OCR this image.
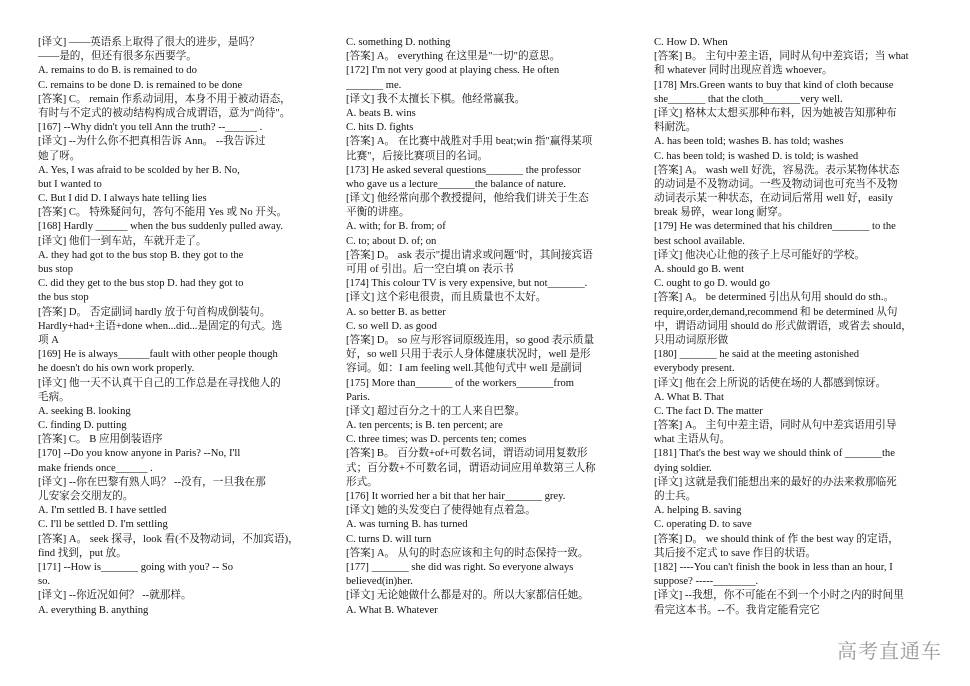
[译文] ——英语系上取得了很大的进步，是吗？
——是的，但还有很多东西要学。
A. remains to do B. is remained to do
C. remains to be done D. is remained to be done
[答案] C。 remain 作系动词用，本身不用于被动语态，
有时与不定式的被动结构构成合成谓语，意为"尚待"。
[167] --Why didn't you tell Ann the truth? --______ .
[译文] --为什么你不把真相告诉 Ann。 --我告诉过
她了呀。
A. Yes, I was afraid to be scolded by her B. No,
but I wanted to
C. But I did D. I always hate telling lies
[答案] C。 特殊疑问句，答句不能用 Yes 或 No 开头。
[168] Hardly ______ when the bus suddenly pulled away.
[译文] 他们一到车站，车就开走了。
A. they had got to the bus stop B. they got to the
bus stop
C. did they get to the bus stop D. had they got to
the bus stop
[答案] D。 否定副词 hardly 放于句首构成倒装句。
Hardly+had+主语+done when...did...是固定的句式。选
项 A
[169] He is always______fault with other people though
he doesn't do his own work properly.
[译文] 他一天不认真干自己的工作总是在寻找他人的
毛病。
A. seeking B. looking
C. finding D. putting
[答案] C。 B 应用倒装语序
[170] --Do you know anyone in Paris? --No, I'll
make friends once______ .
[译文] --你在巴黎有熟人吗？ --没有，一旦我在那
儿安家会交朋友的。
A. I'm settled B. I have settled
C. I'll be settled D. I'm settling
[答案] A。 seek 探寻，look 看(不及物动词，不加宾语)，
find 找到，put 放。
[171] --How is_______ going with you? -- So
so.
[译文] --你近况如何？ --就那样。
A. everything B. anything
C. something D. nothing
[答案] A。 everything 在这里是"一切"的意思。
[172] I'm not very good at playing chess. He often
_______ me.
[译文] 我不太擅长下棋。他经常赢我。
A. beats B. wins
C. hits D. fights
[答案] A。 在比赛中战胜对手用 beat;win 指"赢得某项
比赛"，后接比赛项目的名词。
[173] He asked several questions_______ the professor
who gave us a lecture_______the balance of nature.
[译文] 他经常向那个教授提问，他给我们讲关于生态
平衡的讲座。
A. with; for B. from; of
C. to; about D. of; on
[答案] D。 ask 表示"提出请求或问题"时，其间接宾语
可用 of 引出。后一空白填 on 表示书
[174] This colour TV is very expensive, but not_______.
[译文] 这个彩电很贵，而且质量也不太好。
A. so better B. as better
C. so well D. as good
[答案] D。 so 应与形容词原级连用，so good 表示质量
好，so well 只用于表示人身体健康状况时，well 是形
容词。如：I am feeling well.其他句式中 well 是副词
[175] More than_______ of the workers_______from
Paris.
[译文] 超过百分之十的工人来自巴黎。
A. ten percents; is B. ten percent; are
C. three times; was D. percents ten; comes
[答案] B。 百分数+of+可数名词，谓语动词用复数形
式；百分数+不可数名词，谓语动词应用单数第三人称
形式。
[176] It worried her a bit that her hair_______ grey.
[译文] 她的头发变白了使得她有点着急。
A. was turning B. has turned
C. turns D. will turn
[答案] A。 从句的时态应该和主句的时态保持一致。
[177] _______ she did was right. So everyone always
believed(in)her.
[译文] 无论她做什么都是对的。所以大家都信任她。
A. What B. Whatever
C. How D. When
[答案] B。 主句中差主语，同时从句中差宾语；当 what
和 whatever 同时出现应首选 whoever。
[178] Mrs.Green wants to buy that kind of cloth because
she_______ that the cloth_______very well.
[译文] 格林太太想买那种布料，因为她被告知那种布
料耐洗。
A. has been told; washes B. has told; washes
C. has been told; is washed D. is told; is washed
[答案] A。 wash well 好洗，容易洗。表示某物体状态
的动词是不及物动词。一些及物动词也可充当不及物
动词表示某一种状态，在动词后常用 well 好，easily
break 易碎，wear long 耐穿。
[179] He was determined that his children_______ to the
best school available.
[译文] 他决心让他的孩子上尽可能好的学校。
A. should go B. went
C. ought to go D. would go
[答案] A。 be determined 引出从句用 should do sth.。
require,order,demand,recommend 和 be determined 从句
中，谓语动词用 should do 形式做谓语，或省去 should，
只用动词原形做
[180] _______ he said at the meeting astonished
everybody present.
[译文] 他在会上所说的话使在场的人都感到惊讶。
A. What B. That
C. The fact D. The matter
[答案] A。 主句中差主语，同时从句中差宾语用引导
what 主语从句。
[181] That's the best way we should think of _______the
dying soldier.
[译文] 这就是我们能想出来的最好的办法来救那临死
的士兵。
A. helping B. saving
C. operating D. to save
[答案] D。 we should think of 作 the best way 的定语，
其后接不定式 to save 作目的状语。
[182] ----You can't finish the book in less than an hour, I
suppose? -----________.
[译文] --我想，你不可能在不到一个小时之内的时间里
看完这本书。--不。我肯定能看完它
高考直通车
